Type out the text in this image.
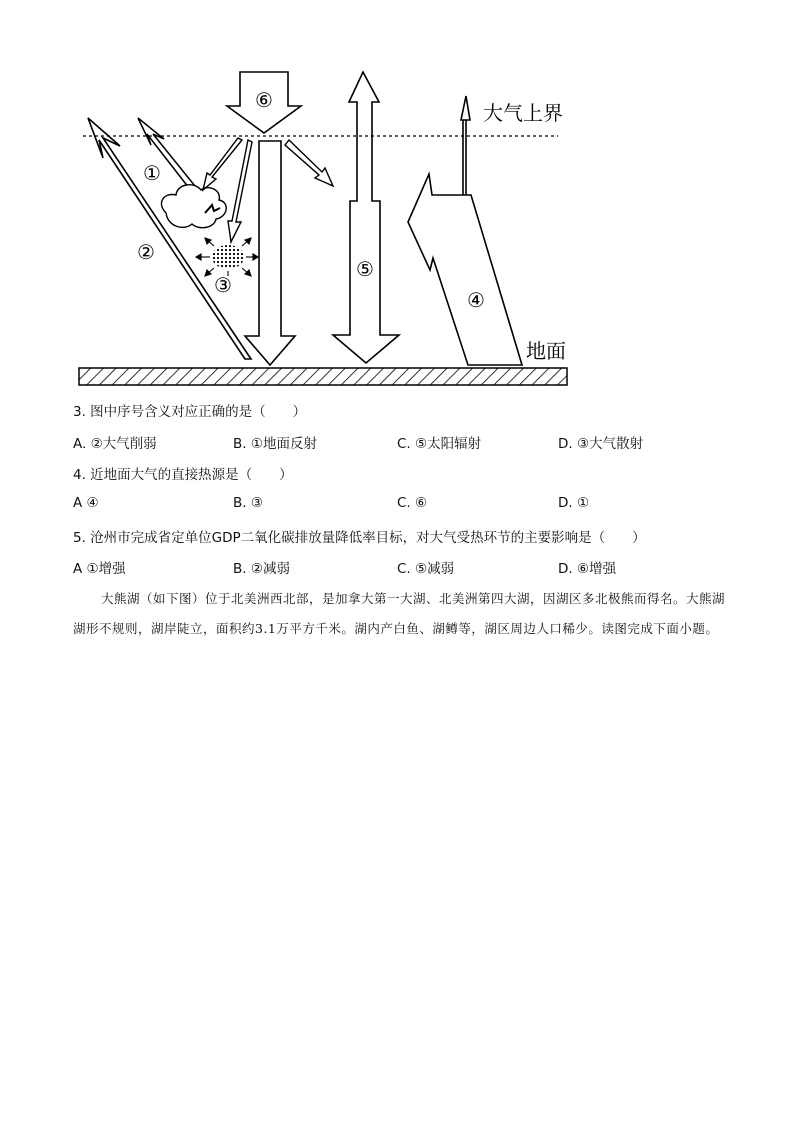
大气上界
地面
①
②
③
④
⑤
⑥
3. 图中序号含义对应正确的是（　　）
A. ②大气削弱	B. ①地面反射	C. ⑤太阳辐射	D. ③大气散射
4. 近地面大气的直接热源是（　　）
A ④	B. ③	C. ⑥	D. ①
5. 沧州市完成省定单位GDP二氧化碳排放量降低率目标，对大气受热环节的主要影响是（　　）
A ①增强	B. ②减弱	C. ⑤减弱	D. ⑥增强
大熊湖（如下图）位于北美洲西北部，是加拿大第一大湖、北美洲第四大湖，因湖区多北极熊而得名。大熊湖湖形不规则，湖岸陡立，面积约3.1万平方千米。湖内产白鱼、湖鳟等，湖区周边人口稀少。读图完成下面小题。
